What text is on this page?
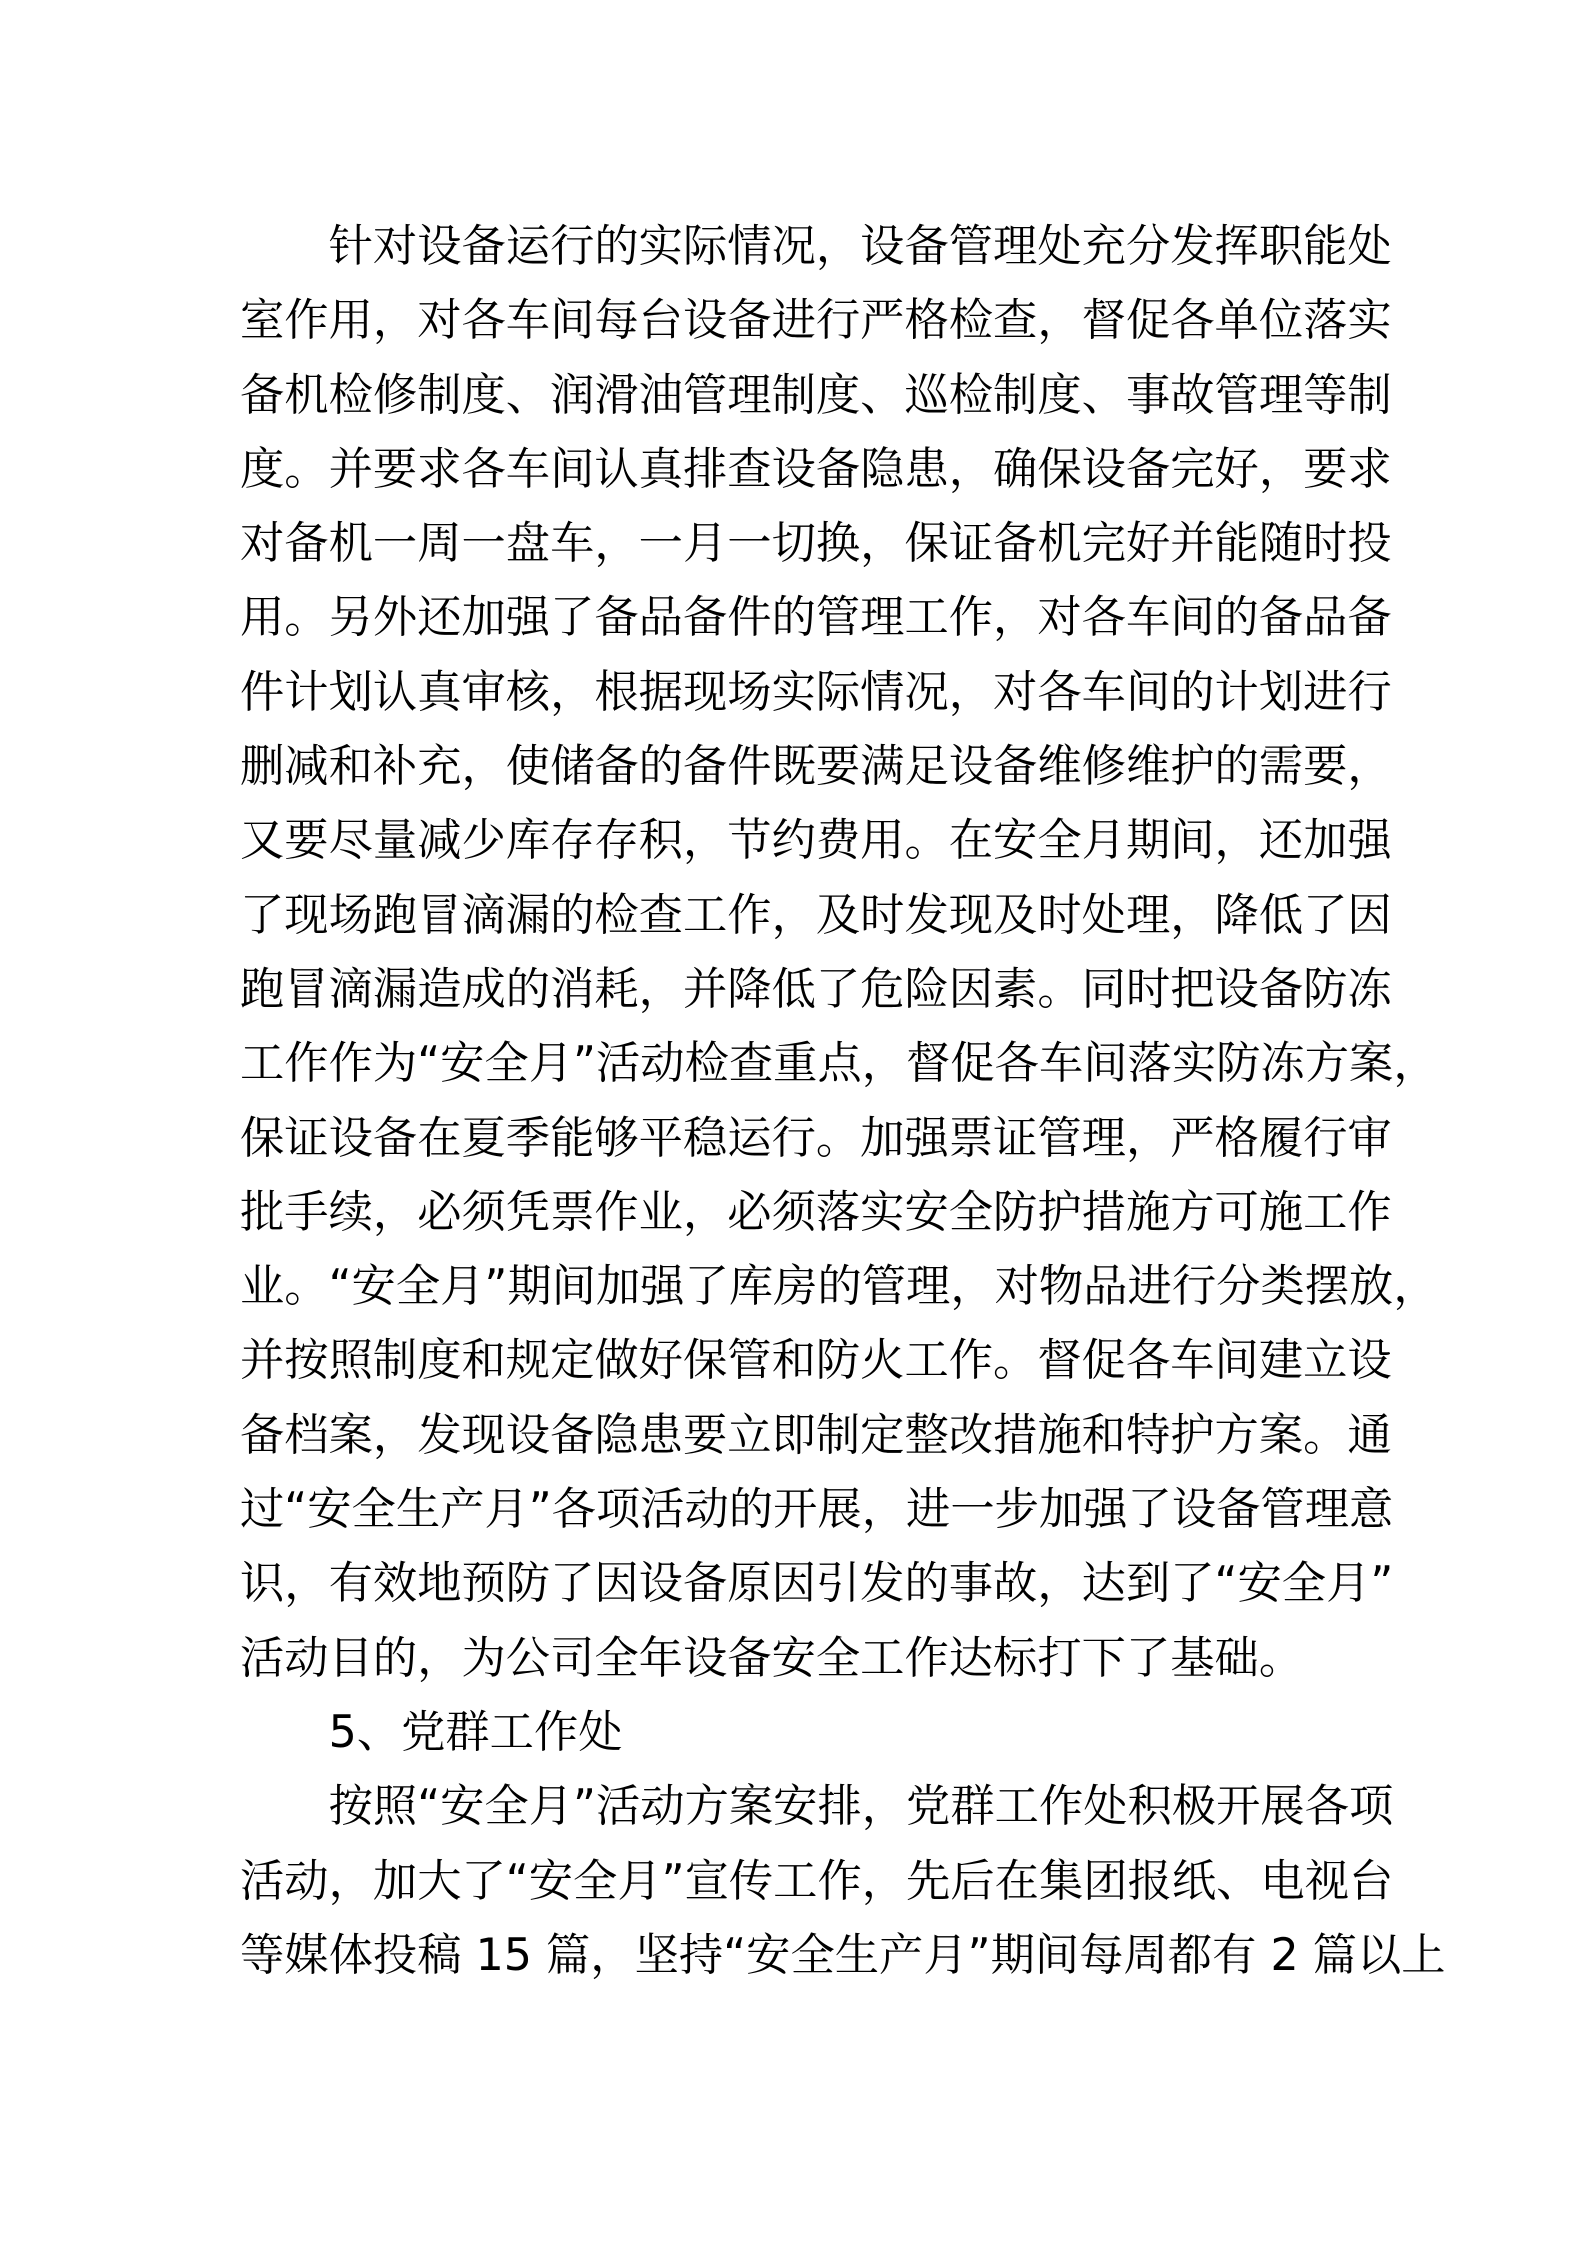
针对设备运行的实际情况，设备管理处充分发挥职能处
室作用，对各车间每台设备进行严格检查，督促各单位落实
备机检修制度、润滑油管理制度、巡检制度、事故管理等制
度。并要求各车间认真排查设备隐患，确保设备完好，要求
对备机一周一盘车，一月一切换，保证备机完好并能随时投
用。另外还加强了备品备件的管理工作，对各车间的备品备
件计划认真审核，根据现场实际情况，对各车间的计划进行
删减和补充，使储备的备件既要满足设备维修维护的需要，
又要尽量减少库存存积，节约费用。在安全月期间，还加强
了现场跑冒滴漏的检查工作，及时发现及时处理，降低了因
跑冒滴漏造成的消耗，并降低了危险因素。同时把设备防冻
工作作为“安全月”活动检查重点，督促各车间落实防冻方案，
保证设备在夏季能够平稳运行。加强票证管理，严格履行审
批手续，必须凭票作业，必须落实安全防护措施方可施工作
业。“安全月”期间加强了库房的管理，对物品进行分类摆放，
并按照制度和规定做好保管和防火工作。督促各车间建立设
备档案，发现设备隐患要立即制定整改措施和特护方案。通
过“安全生产月”各项活动的开展，进一步加强了设备管理意
识，有效地预防了因设备原因引发的事故，达到了“安全月”
活动目的，为公司全年设备安全工作达标打下了基础。
5、党群工作处
按照“安全月”活动方案安排，党群工作处积极开展各项
活动，加大了“安全月”宣传工作，先后在集团报纸、电视台
等媒体投稿 15 篇，坚持“安全生产月”期间每周都有 2 篇以上
